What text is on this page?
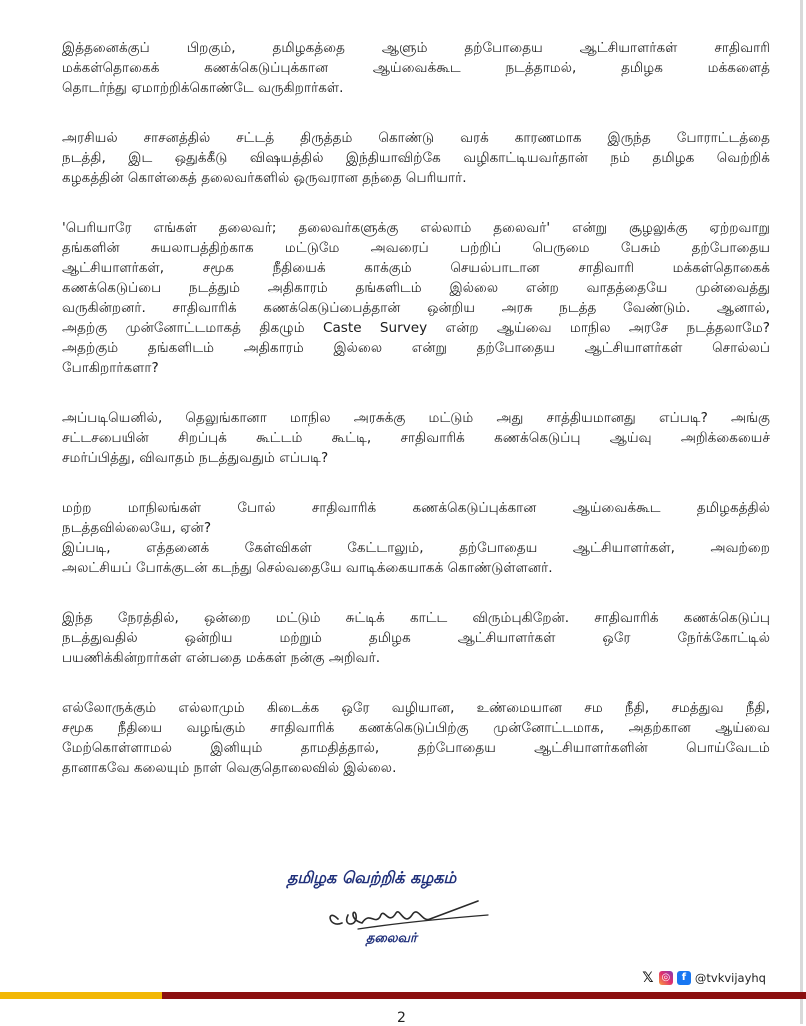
இத்தனைக்குப் பிறகும், தமிழகத்தை ஆளும் தற்போதைய ஆட்சியாளர்கள் சாதிவாரி
மக்கள்தொகைக் கணக்கெடுப்புக்கான ஆய்வைக்கூட நடத்தாமல், தமிழக மக்களைத்
தொடர்ந்து ஏமாற்றிக்கொண்டே வருகிறார்கள்.

அரசியல் சாசனத்தில் சட்டத் திருத்தம் கொண்டு வரக் காரணமாக இருந்த போராட்டத்தை
நடத்தி, இட ஒதுக்கீடு விஷயத்தில் இந்தியாவிற்கே வழிகாட்டியவர்தான் நம் தமிழக வெற்றிக்
கழகத்தின் கொள்கைத் தலைவர்களில் ஒருவரான தந்தை பெரியார்.

'பெரியாரே எங்கள் தலைவர்; தலைவர்களுக்கு எல்லாம் தலைவர்' என்று சூழலுக்கு ஏற்றவாறு
தங்களின் சுயலாபத்திற்காக மட்டுமே அவரைப் பற்றிப் பெருமை பேசும் தற்போதைய
ஆட்சியாளர்கள், சமூக நீதியைக் காக்கும் செயல்பாடான சாதிவாரி மக்கள்தொகைக்
கணக்கெடுப்பை நடத்தும் அதிகாரம் தங்களிடம் இல்லை என்ற வாதத்தையே முன்வைத்து
வருகின்றனர். சாதிவாரிக் கணக்கெடுப்பைத்தான் ஒன்றிய அரசு நடத்த வேண்டும். ஆனால்,
அதற்கு முன்னோட்டமாகத் திகழும் Caste Survey என்ற ஆய்வை மாநில அரசே நடத்தலாமே?
அதற்கும் தங்களிடம் அதிகாரம் இல்லை என்று தற்போதைய ஆட்சியாளர்கள் சொல்லப்
போகிறார்களா?

அப்படியெனில், தெலுங்கானா மாநில அரசுக்கு மட்டும் அது சாத்தியமானது எப்படி? அங்கு
சட்டசபையின் சிறப்புக் கூட்டம் கூட்டி, சாதிவாரிக் கணக்கெடுப்பு ஆய்வு அறிக்கையைச்
சமர்ப்பித்து, விவாதம் நடத்துவதும் எப்படி?

மற்ற மாநிலங்கள் போல் சாதிவாரிக் கணக்கெடுப்புக்கான ஆய்வைக்கூட தமிழகத்தில்
நடத்தவில்லையே, ஏன்?

இப்படி, எத்தனைக் கேள்விகள் கேட்டாலும், தற்போதைய ஆட்சியாளர்கள், அவற்றை
அலட்சியப் போக்குடன் கடந்து செல்வதையே வாடிக்கையாகக் கொண்டுள்ளனர்.

இந்த நேரத்தில், ஒன்றை மட்டும் சுட்டிக் காட்ட விரும்புகிறேன். சாதிவாரிக் கணக்கெடுப்பு
நடத்துவதில் ஒன்றிய மற்றும் தமிழக ஆட்சியாளர்கள் ஒரே நேர்க்கோட்டில்
பயணிக்கின்றார்கள் என்பதை மக்கள் நன்கு அறிவர்.

எல்லோருக்கும் எல்லாமும் கிடைக்க ஒரே வழியான, உண்மையான சம நீதி, சமத்துவ நீதி,
சமூக நீதியை வழங்கும் சாதிவாரிக் கணக்கெடுப்பிற்கு முன்னோட்டமாக, அதற்கான ஆய்வை
மேற்கொள்ளாமல் இனியும் தாமதித்தால், தற்போதைய ஆட்சியாளர்களின் பொய்வேடம்
தானாகவே கலையும் நாள் வெகுதொலைவில் இல்லை.

தமிழக வெற்றிக் கழகம்
தலைவர்
𝕏 ◎	f @tvkvijayhq
2
